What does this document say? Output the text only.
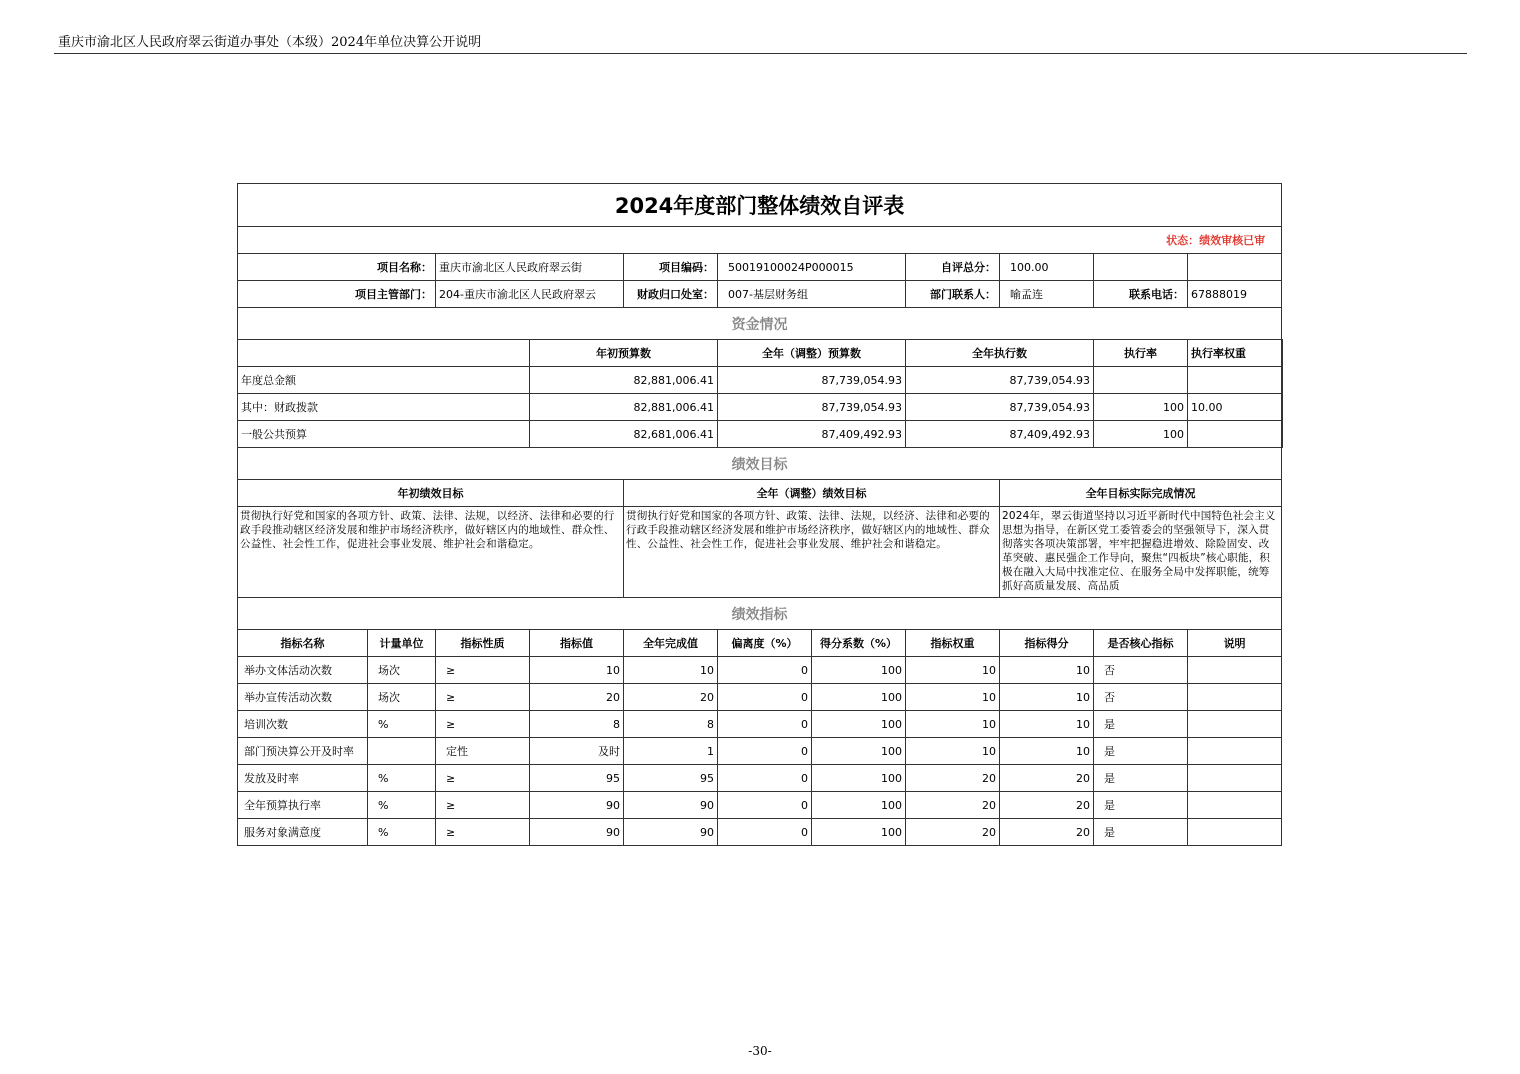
重庆市渝北区人民政府翠云街道办事处（本级）2024年单位决算公开说明
2024年度部门整体绩效自评表											
状态：绩效审核已审											
项目名称：		重庆市渝北区人民政府翠云街		项目编码：	50019100024P000015		自评总分：	100.00			
项目主管部门：		204-重庆市渝北区人民政府翠云		财政归口处室：	007-基层财务组		部门联系人：	喻孟连	联系电话：	67888019	
资金情况											
			年初预算数		全年（调整）预算数		全年执行数		执行率	执行率权重	
年度总金额			82,881,006.41		87,739,054.93		87,739,054.93				
其中：财政拨款			82,881,006.41		87,739,054.93		87,739,054.93		100	10.00	
一般公共预算			82,681,006.41		87,409,492.93		87,409,492.93		100		
绩效目标											
年初绩效目标				全年（调整）绩效目标				全年目标实际完成情况			

贯彻执行好党和国家的各项方针、政策、法律、法规，以经济、法律和必要的行政手段推动辖区经济发展和维护市场经济秩序，做好辖区内的地域性、群众性、公益性、社会性工作，促进社会事业发展、维护社会和谐稳定。				贯彻执行好党和国家的各项方针、政策、法律、法规，以经济、法律和必要的行政手段推动辖区经济发展和维护市场经济秩序，做好辖区内的地域性、群众性、公益性、社会性工作，促进社会事业发展、维护社会和谐稳定。				2024年，翠云街道坚持以习近平新时代中国特色社会主义思想为指导，在新区党工委管委会的坚强领导下，深入贯彻落实各项决策部署，牢牢把握稳进增效、除险固安、改革突破、惠民强企工作导向，聚焦“四板块”核心职能，积极在融入大局中找准定位、在服务全局中发挥职能，统筹抓好高质量发展、高品质			

绩效指标											
指标名称	计量单位	指标性质	指标值	全年完成值	偏离度（%）	得分系数（%）	指标权重	指标得分	是否核心指标	说明	
举办文体活动次数	场次	≥	10	10	0	100	10	10	否		
举办宣传活动次数	场次	≥	20	20	0	100	10	10	否		
培训次数	%	≥	8	8	0	100	10	10	是		
部门预决算公开及时率		定性	及时	1	0	100	10	10	是		
发放及时率	%	≥	95	95	0	100	20	20	是		
全年预算执行率	%	≥	90	90	0	100	20	20	是		
服务对象满意度	%	≥	90	90	0	100	20	20	是		
-30-
